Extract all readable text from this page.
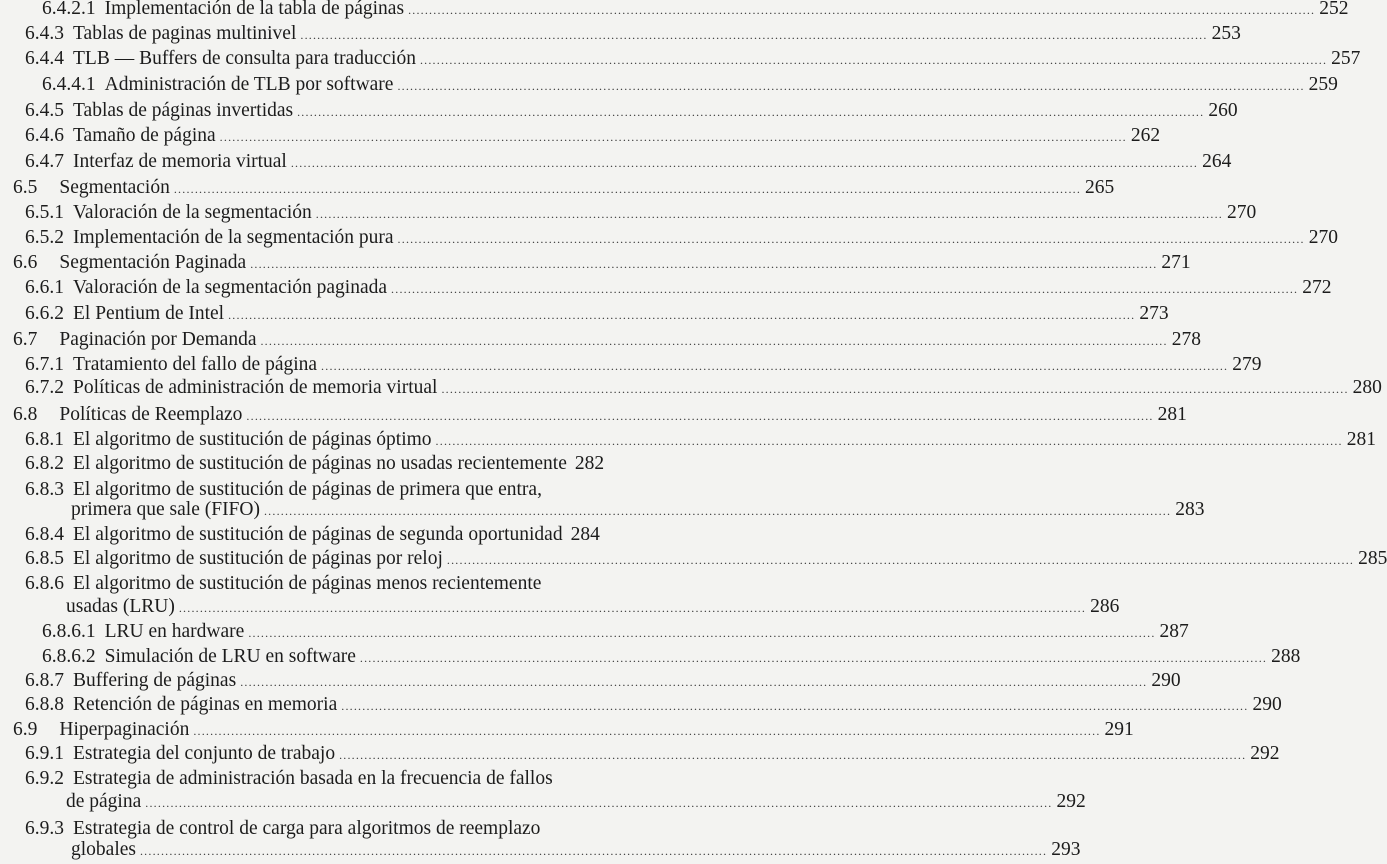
6.4.2.1 Implementación de la tabla de páginas .....	252
6.4.3 Tablas de paginas multinivel .....	253
6.4.4 TLB — Buffers de consulta para traducción .....	257
6.4.4.1 Administración de TLB por software .....	259
6.4.5 Tablas de páginas invertidas .....	260
6.4.6 Tamaño de página .....	262
6.4.7 Interfaz de memoria virtual .....	264
6.5 Segmentación .....	265
6.5.1 Valoración de la segmentación .....	270
6.5.2 Implementación de la segmentación pura .....	270
6.6 Segmentación Paginada .....	271
6.6.1 Valoración de la segmentación paginada .....	272
6.6.2 El Pentium de Intel .....	273
6.7 Paginación por Demanda .....	278
6.7.1 Tratamiento del fallo de página .....	279
6.7.2 Políticas de administración de memoria virtual .....	280
6.8 Políticas de Reemplazo .....	281
6.8.1 El algoritmo de sustitución de páginas óptimo .....	281
6.8.2 El algoritmo de sustitución de páginas no usadas recientemente 282
6.8.3 El algoritmo de sustitución de páginas de primera que entra,
primera que sale (FIFO) .....	283
6.8.4 El algoritmo de sustitución de páginas de segunda oportunidad 284
6.8.5 El algoritmo de sustitución de páginas por reloj .....	285
6.8.6 El algoritmo de sustitución de páginas menos recientemente
usadas (LRU) .....	286
6.8.6.1 LRU en hardware .....	287
6.8.6.2 Simulación de LRU en software .....	288
6.8.7 Buffering de páginas .....	290
6.8.8 Retención de páginas en memoria .....	290
6.9 Hiperpaginación .....	291
6.9.1 Estrategia del conjunto de trabajo .....	292
6.9.2 Estrategia de administración basada en la frecuencia de fallos
de página .....	292
6.9.3 Estrategia de control de carga para algoritmos de reemplazo
globales .....	293
